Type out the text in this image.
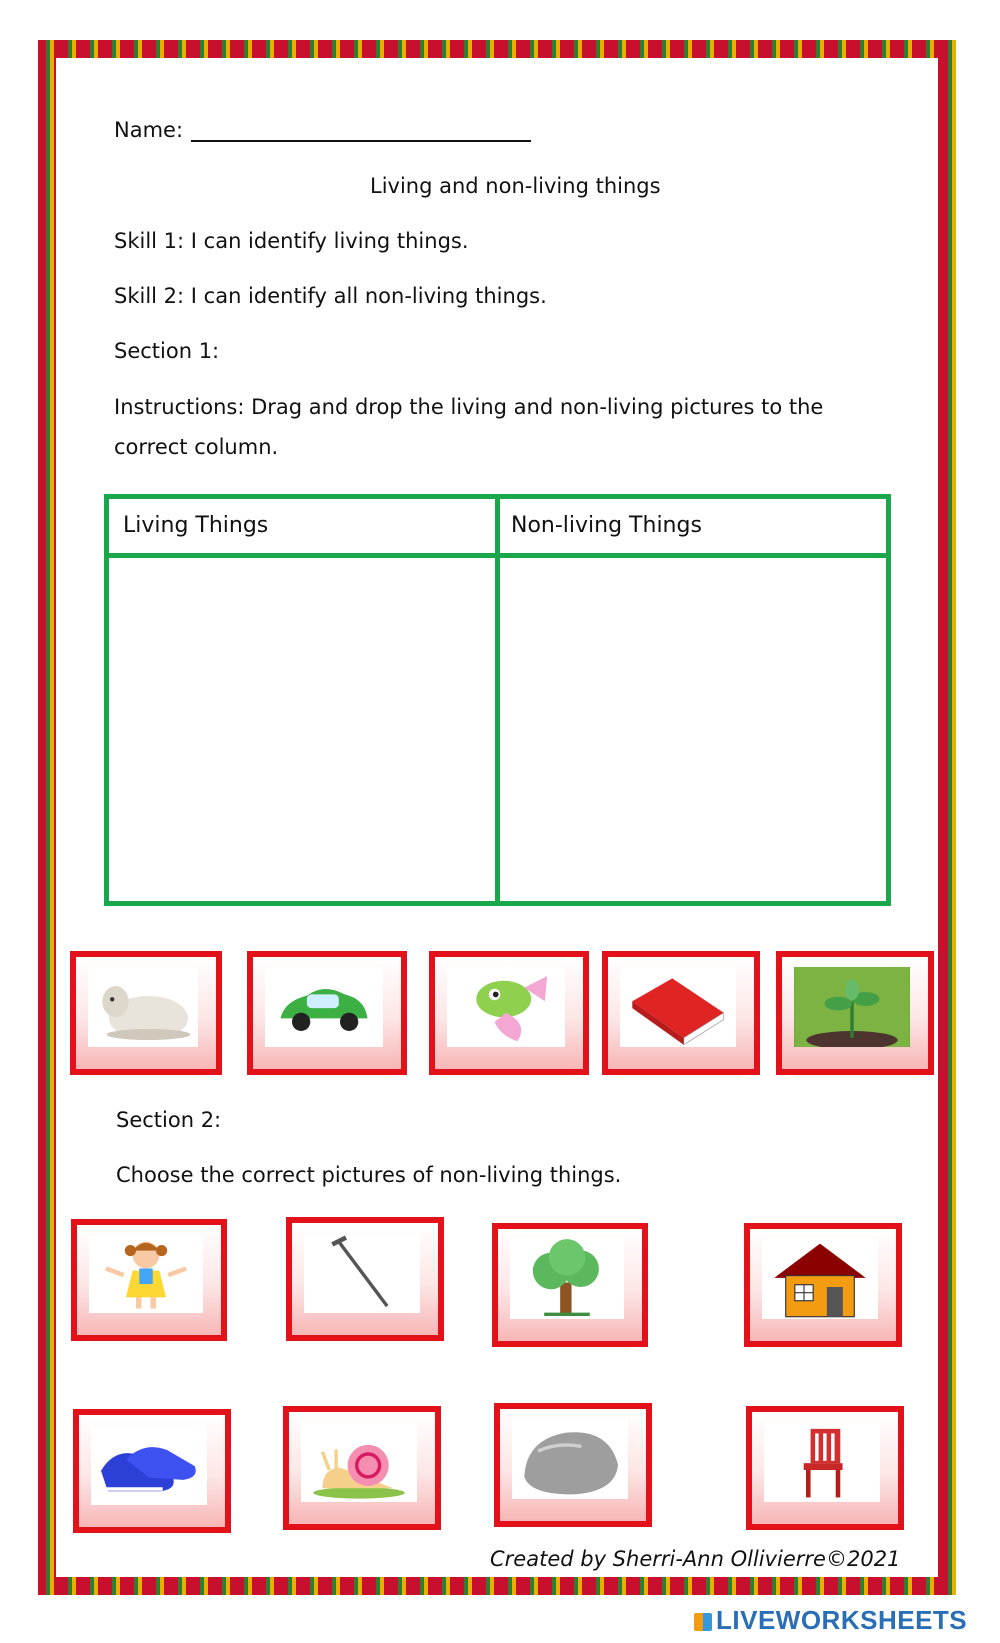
Name:
Living and non-living things
Skill 1: I can identify living things.
Skill 2: I can identify all non-living things.
Section 1:
Instructions: Drag and drop the living and non-living pictures to the
correct column.
Living Things	Non-living Things
Section 2:
Choose the correct pictures of non-living things.
Created by Sherri-Ann Ollivierre©2021
LIVEWORKSHEETS
